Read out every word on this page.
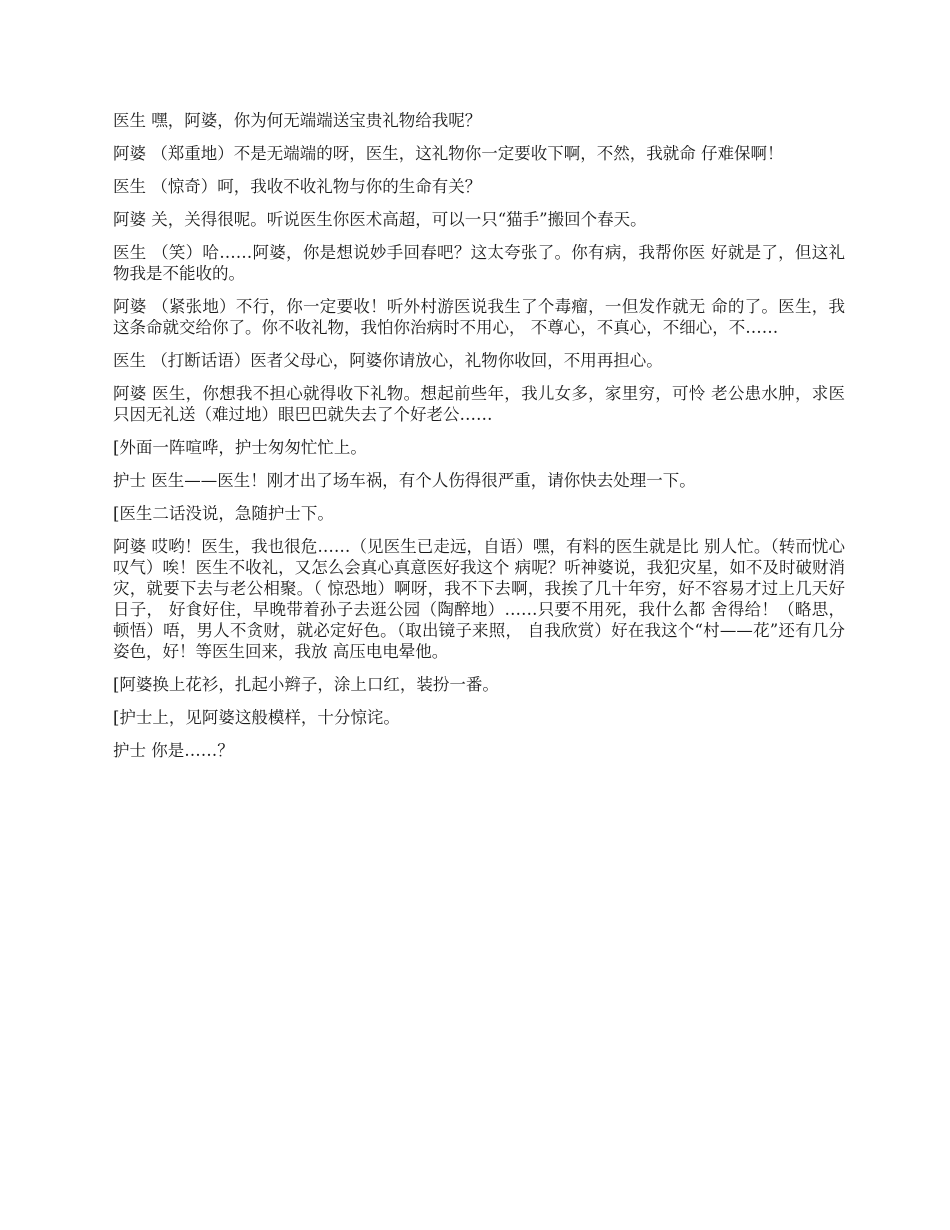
医生 嘿，阿婆，你为何无端端送宝贵礼物给我呢？

阿婆 （郑重地）不是无端端的呀，医生，这礼物你一定要收下啊，不然，我就命 仔难保啊！

医生 （惊奇）呵，我收不收礼物与你的生命有关？

阿婆 关，关得很呢。听说医生你医术高超，可以一只“猫手”搬回个春天。

医生 （笑）哈……阿婆，你是想说妙手回春吧？这太夸张了。你有病，我帮你医 好就是了，但这礼物我是不能收的。

阿婆 （紧张地）不行，你一定要收！听外村游医说我生了个毒瘤，一但发作就无 命的了。医生，我这条命就交给你了。你不收礼物，我怕你治病时不用心， 不尊心，不真心，不细心，不……

医生 （打断话语）医者父母心，阿婆你请放心，礼物你收回，不用再担心。

阿婆 医生，你想我不担心就得收下礼物。想起前些年，我儿女多，家里穷，可怜 老公患水肿，求医只因无礼送（难过地）眼巴巴就失去了个好老公……

[外面一阵喧哗，护士匆匆忙忙上。

护士 医生——医生！刚才出了场车祸，有个人伤得很严重，请你快去处理一下。

[医生二话没说，急随护士下。

阿婆 哎哟！医生，我也很危……（见医生已走远，自语）嘿，有料的医生就是比 别人忙。（转而忧心叹气）唉！医生不收礼，又怎么会真心真意医好我这个 病呢？听神婆说，我犯灾星，如不及时破财消灾，就要下去与老公相聚。（ 惊恐地）啊呀，我不下去啊，我挨了几十年穷，好不容易才过上几天好日子， 好食好住，早晚带着孙子去逛公园（陶醉地）……只要不用死，我什么都 舍得给！（略思，顿悟）唔，男人不贪财，就必定好色。（取出镜子来照， 自我欣赏）好在我这个“村——花”还有几分姿色，好！等医生回来，我放 高压电电晕他。

[阿婆换上花衫，扎起小辫子，涂上口红，装扮一番。

[护士上，见阿婆这般模样，十分惊诧。

护士 你是……？
